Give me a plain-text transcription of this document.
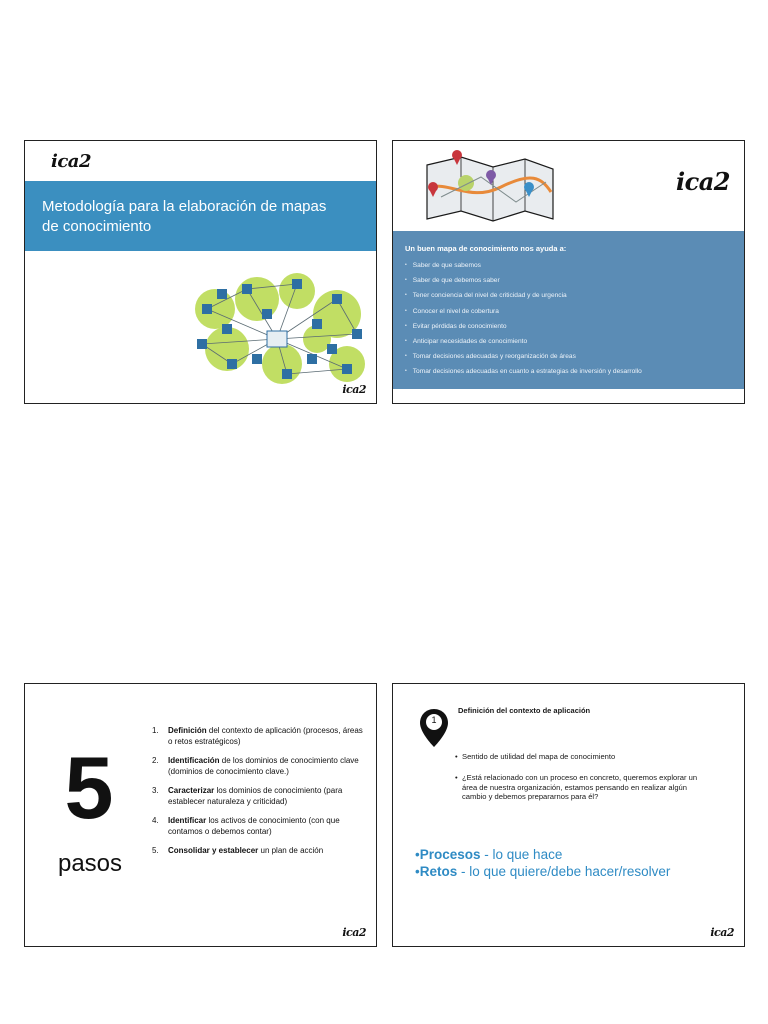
ica2
Metodología para la elaboración de mapas de conocimiento
ica2
ica2
Un buen mapa de conocimiento nos ayuda a:
• Saber de que sabemos
• Saber de que debemos saber
• Tener conciencia del nivel de criticidad y de urgencia
• Conocer el nivel de cobertura
• Evitar pérdidas de conocimiento
• Anticipar necesidades de conocimiento
• Tomar decisiones adecuadas y reorganización de áreas
• Tomar decisiones adecuadas en cuanto a estrategias de inversión y desarrollo
5
pasos
1. Definición del contexto de aplicación (procesos, áreas o retos estratégicos)
2. Identificación de los dominios de conocimiento clave (dominios de conocimiento clave.)
3. Caracterizar los dominios de conocimiento (para establecer naturaleza y criticidad)
4. Identificar los activos de conocimiento (con que contamos o debemos contar)
5. Consolidar y establecer un plan de acción
ica2
1
Definición del contexto de aplicación
• Sentido de utilidad del mapa de conocimiento
• ¿Está relacionado con un proceso en concreto, queremos explorar un área de nuestra organización, estamos pensando en realizar algún cambio y debemos prepararnos para él?
•Procesos - lo que hace
•Retos - lo que quiere/debe hacer/resolver
ica2
